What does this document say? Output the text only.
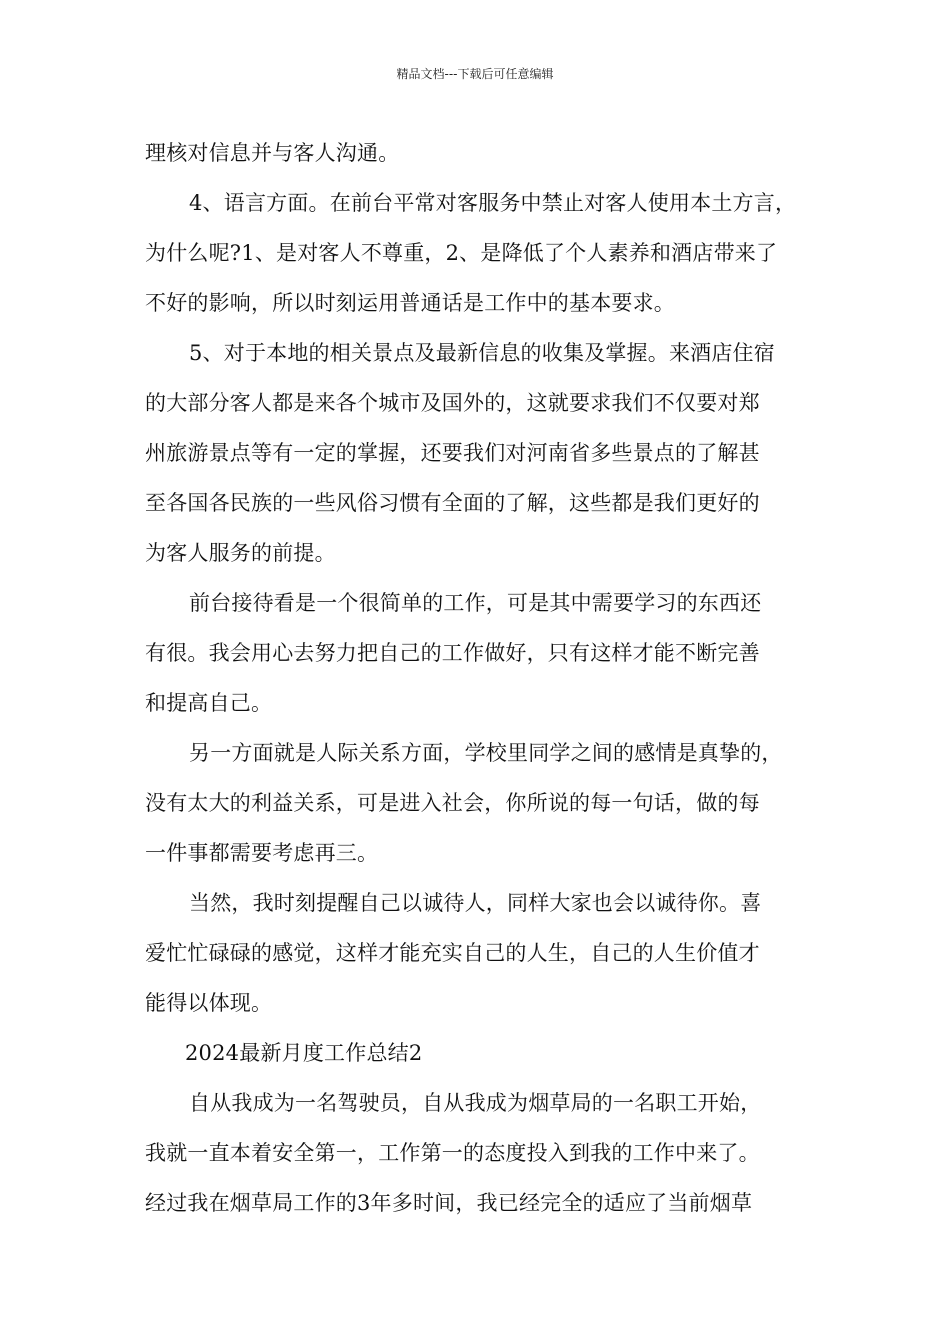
精品文档---下载后可任意编辑
理核对信息并与客人沟通。
4、语言方面。在前台平常对客服务中禁止对客人使用本土方言，
为什么呢?1、是对客人不尊重，2、是降低了个人素养和酒店带来了
不好的影响，所以时刻运用普通话是工作中的基本要求。
5、对于本地的相关景点及最新信息的收集及掌握。来酒店住宿
的大部分客人都是来各个城市及国外的，这就要求我们不仅要对郑
州旅游景点等有一定的掌握，还要我们对河南省多些景点的了解甚
至各国各民族的一些风俗习惯有全面的了解，这些都是我们更好的
为客人服务的前提。
前台接待看是一个很简单的工作，可是其中需要学习的东西还
有很。我会用心去努力把自己的工作做好，只有这样才能不断完善
和提高自己。
另一方面就是人际关系方面，学校里同学之间的感情是真挚的，
没有太大的利益关系，可是进入社会，你所说的每一句话，做的每
一件事都需要考虑再三。
当然，我时刻提醒自己以诚待人，同样大家也会以诚待你。喜
爱忙忙碌碌的感觉，这样才能充实自己的人生，自己的人生价值才
能得以体现。
2024最新月度工作总结2
自从我成为一名驾驶员，自从我成为烟草局的一名职工开始，
我就一直本着安全第一，工作第一的态度投入到我的工作中来了。
经过我在烟草局工作的3年多时间，我已经完全的适应了当前烟草
